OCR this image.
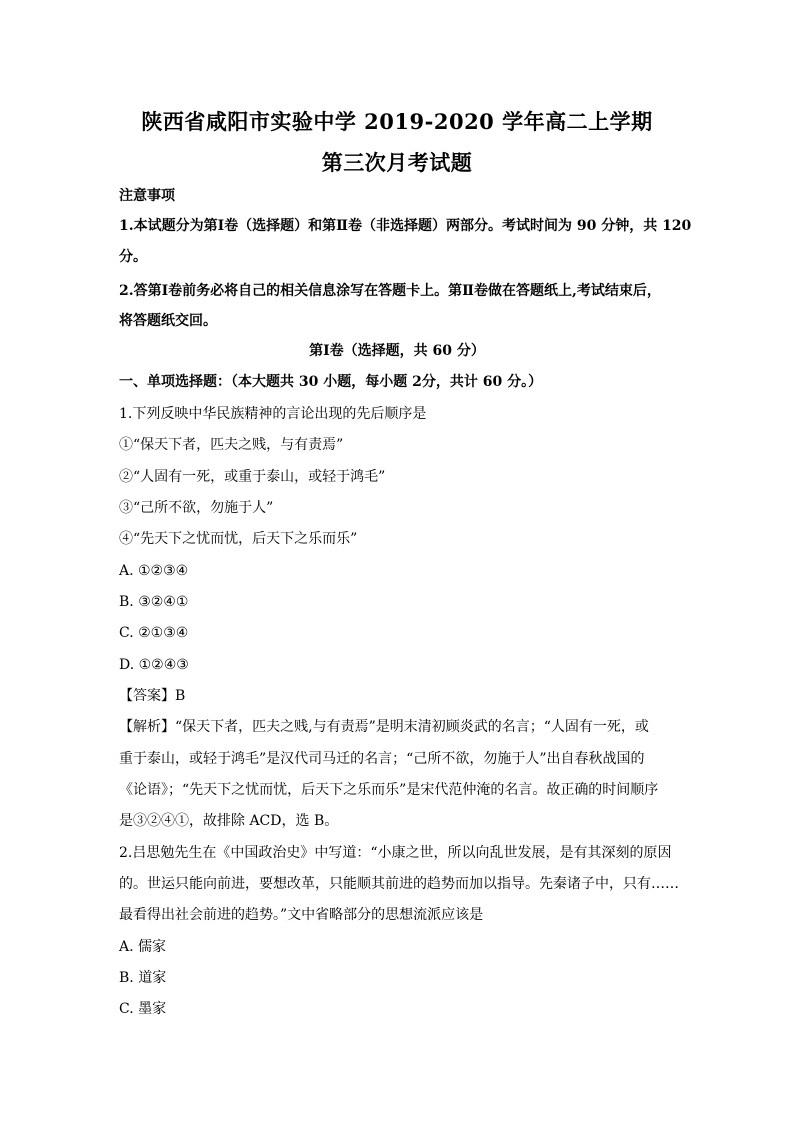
陕西省咸阳市实验中学 2019-2020 学年高二上学期
第三次月考试题
注意事项
1.本试题分为第Ⅰ卷（选择题）和第Ⅱ卷（非选择题）两部分。考试时间为 90 分钟，共 120
分。
2.答第Ⅰ卷前务必将自己的相关信息涂写在答题卡上。第Ⅱ卷做在答题纸上,考试结束后，
将答题纸交回。
第Ⅰ卷（选择题，共 60 分）
一、单项选择题：（本大题共 30 小题，每小题 2分，共计 60 分。）
1.下列反映中华民族精神的言论出现的先后顺序是
①“保天下者，匹夫之贱，与有责焉”
②“人固有一死，或重于泰山，或轻于鸿毛”
③“己所不欲，勿施于人”
④“先天下之忧而忧，后天下之乐而乐”
A. ①②③④
B. ③②④①
C. ②①③④
D. ①②④③
【答案】B
【解析】“保天下者，匹夫之贱,与有责焉”是明末清初顾炎武的名言；“人固有一死，或
重于泰山，或轻于鸿毛”是汉代司马迁的名言；“己所不欲，勿施于人”出自春秋战国的
《论语》；“先天下之忧而忧，后天下之乐而乐”是宋代范仲淹的名言。故正确的时间顺序
是③②④①，故排除 ACD，选 B。
2.吕思勉先生在《中国政治史》中写道：“小康之世，所以向乱世发展，是有其深刻的原因
的。世运只能向前进，要想改革，只能顺其前进的趋势而加以指导。先秦诸子中，只有……
最看得出社会前进的趋势。”文中省略部分的思想流派应该是
A. 儒家
B. 道家
C. 墨家
